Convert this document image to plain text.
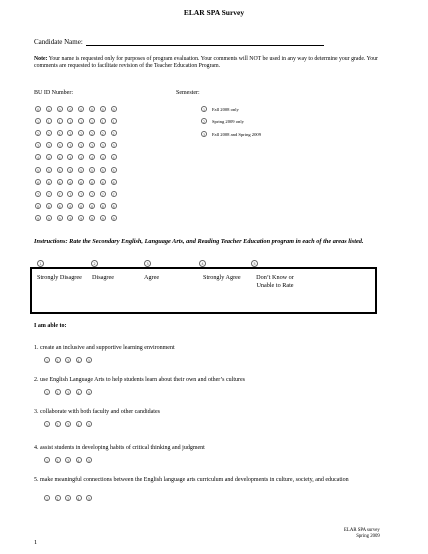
ELAR SPA Survey
Candidate Name:
Note: Your name is requested only for purposes of program evaluation. Your comments will NOT be used in any way to determine your grade. Your comments are requested to facilitate revision of the Teacher Education Program.
BU ID Number:	Semester:
0	0	0	0	0	0	0	0
1	1	1	1	1	1	1	1
2	2	2	2	2	2	2	2
3	3	3	3	3	3	3	3
4	4	4	4	4	4	4	4
5	5	5	5	5	5	5	5
6	6	6	6	6	6	6	6
7	7	7	7	7	7	7	7
8	8	8	8	8	8	8	8
9	9	9	9	9	9	9	9
1	Fall 2008 only
2	Spring 2009 only
3	Fall 2008 and Spring 2009
Instructions: Rate the Secondary English, Language Arts, and Reading Teacher Education program in each of the areas listed.
1	2	3	4	5
Strongly Disagree Disagree	Agree	Strongly Agree	Don’t Know or Unable to Rate
I am able to:
1. create an inclusive and supportive learning environment
1	2	3	4	5
2. use English Language Arts to help students learn about their own and other’s cultures
1	2	3	4	5
3. collaborate with both faculty and other candidates
1	2	3	4	5
4. assist students in developing habits of critical thinking and judgment
1	2	3	4	5
5. make meaningful connections between the English language arts curriculum and developments in culture, society, and education
1	2	3	4	5
1
ELAR SPA survey
Spring 2009
